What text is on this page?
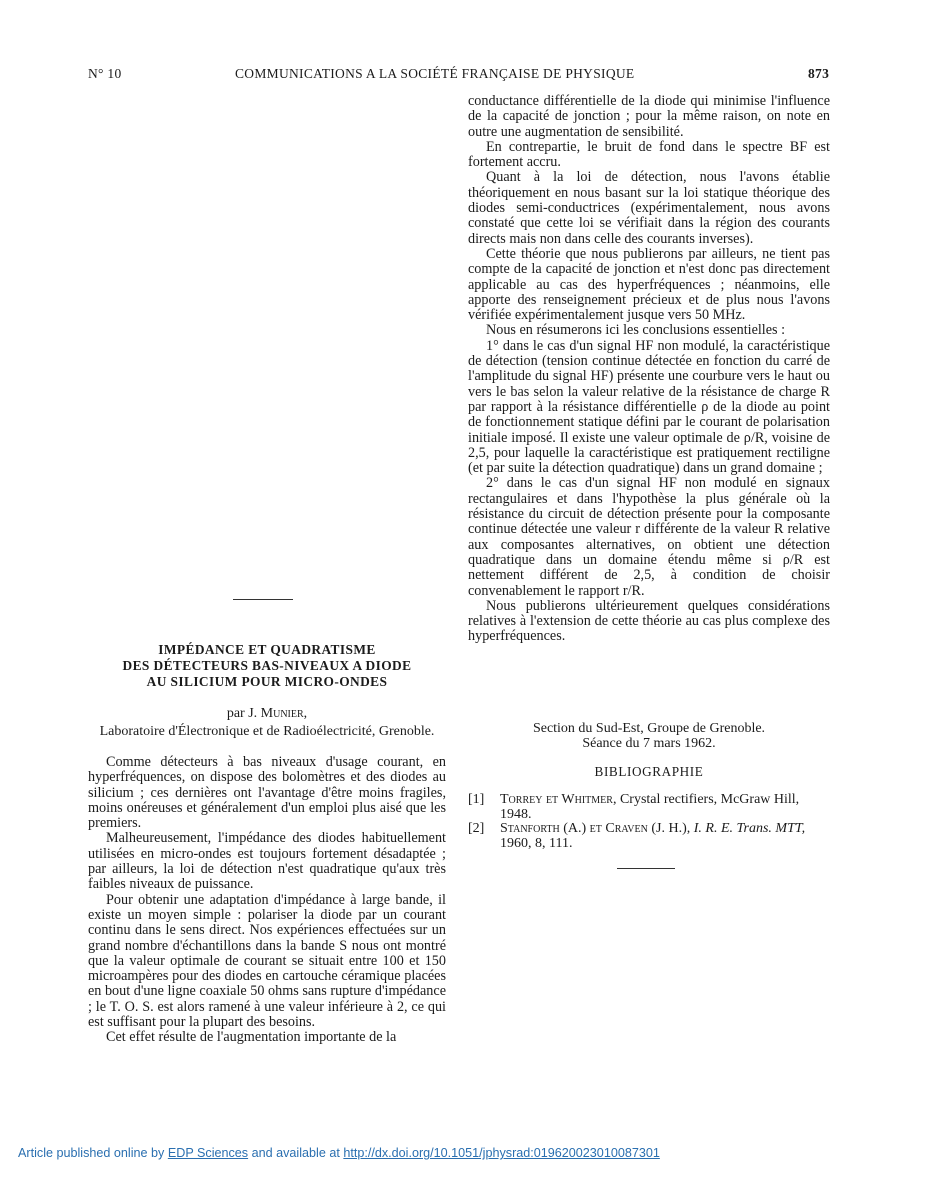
N° 10	COMMUNICATIONS A LA SOCIÉTÉ FRANÇAISE DE PHYSIQUE	873
IMPÉDANCE ET QUADRATISME
DES DÉTECTEURS BAS-NIVEAUX A DIODE
AU SILICIUM POUR MICRO-ONDES
par J. Munier,
Laboratoire d'Électronique et de Radioélectricité, Grenoble.

Comme détecteurs à bas niveaux d'usage courant, en hyperfréquences, on dispose des bolomètres et des diodes au silicium ; ces dernières ont l'avantage d'être moins fragiles, moins onéreuses et généralement d'un emploi plus aisé que les premiers.

Malheureusement, l'impédance des diodes habituellement utilisées en micro-ondes est toujours fortement désadaptée ; par ailleurs, la loi de détection n'est quadratique qu'aux très faibles niveaux de puissance.

Pour obtenir une adaptation d'impédance à large bande, il existe un moyen simple : polariser la diode par un courant continu dans le sens direct. Nos expériences effectuées sur un grand nombre d'échantillons dans la bande S nous ont montré que la valeur optimale de courant se situait entre 100 et 150 microampères pour des diodes en cartouche céramique placées en bout d'une ligne coaxiale 50 ohms sans rupture d'impédance ; le T. O. S. est alors ramené à une valeur inférieure à 2, ce qui est suffisant pour la plupart des besoins.

Cet effet résulte de l'augmentation importante de la

conductance différentielle de la diode qui minimise l'influence de la capacité de jonction ; pour la même raison, on note en outre une augmentation de sensibilité.

En contrepartie, le bruit de fond dans le spectre BF est fortement accru.

Quant à la loi de détection, nous l'avons établie théoriquement en nous basant sur la loi statique théorique des diodes semi-conductrices (expérimentalement, nous avons constaté que cette loi se vérifiait dans la région des courants directs mais non dans celle des courants inverses).

Cette théorie que nous publierons par ailleurs, ne tient pas compte de la capacité de jonction et n'est donc pas directement applicable au cas des hyperfréquences ; néanmoins, elle apporte des renseignement précieux et de plus nous l'avons vérifiée expérimentalement jusque vers 50 MHz.

Nous en résumerons ici les conclusions essentielles :

1° dans le cas d'un signal HF non modulé, la caractéristique de détection (tension continue détectée en fonction du carré de l'amplitude du signal HF) présente une courbure vers le haut ou vers le bas selon la valeur relative de la résistance de charge R par rapport à la résistance différentielle ρ de la diode au point de fonctionnement statique défini par le courant de polarisation initiale imposé. Il existe une valeur optimale de ρ/R, voisine de 2,5, pour laquelle la caractéristique est pratiquement rectiligne (et par suite la détection quadratique) dans un grand domaine ;

2° dans le cas d'un signal HF non modulé en signaux rectangulaires et dans l'hypothèse la plus générale où la résistance du circuit de détection présente pour la composante continue détectée une valeur r différente de la valeur R relative aux composantes alternatives, on obtient une détection quadratique dans un domaine étendu même si ρ/R est nettement différent de 2,5, à condition de choisir convenablement le rapport r/R.

Nous publierons ultérieurement quelques considérations relatives à l'extension de cette théorie au cas plus complexe des hyperfréquences.

Section du Sud-Est, Groupe de Grenoble.
Séance du 7 mars 1962.
BIBLIOGRAPHIE
[1] Torrey et Whitmer, Crystal rectifiers, McGraw Hill, 1948.
[2] Stanforth (A.) et Craven (J. H.), I. R. E. Trans. MTT, 1960, 8, 111.
Article published online by EDP Sciences and available at http://dx.doi.org/10.1051/jphysrad:019620023010087301
